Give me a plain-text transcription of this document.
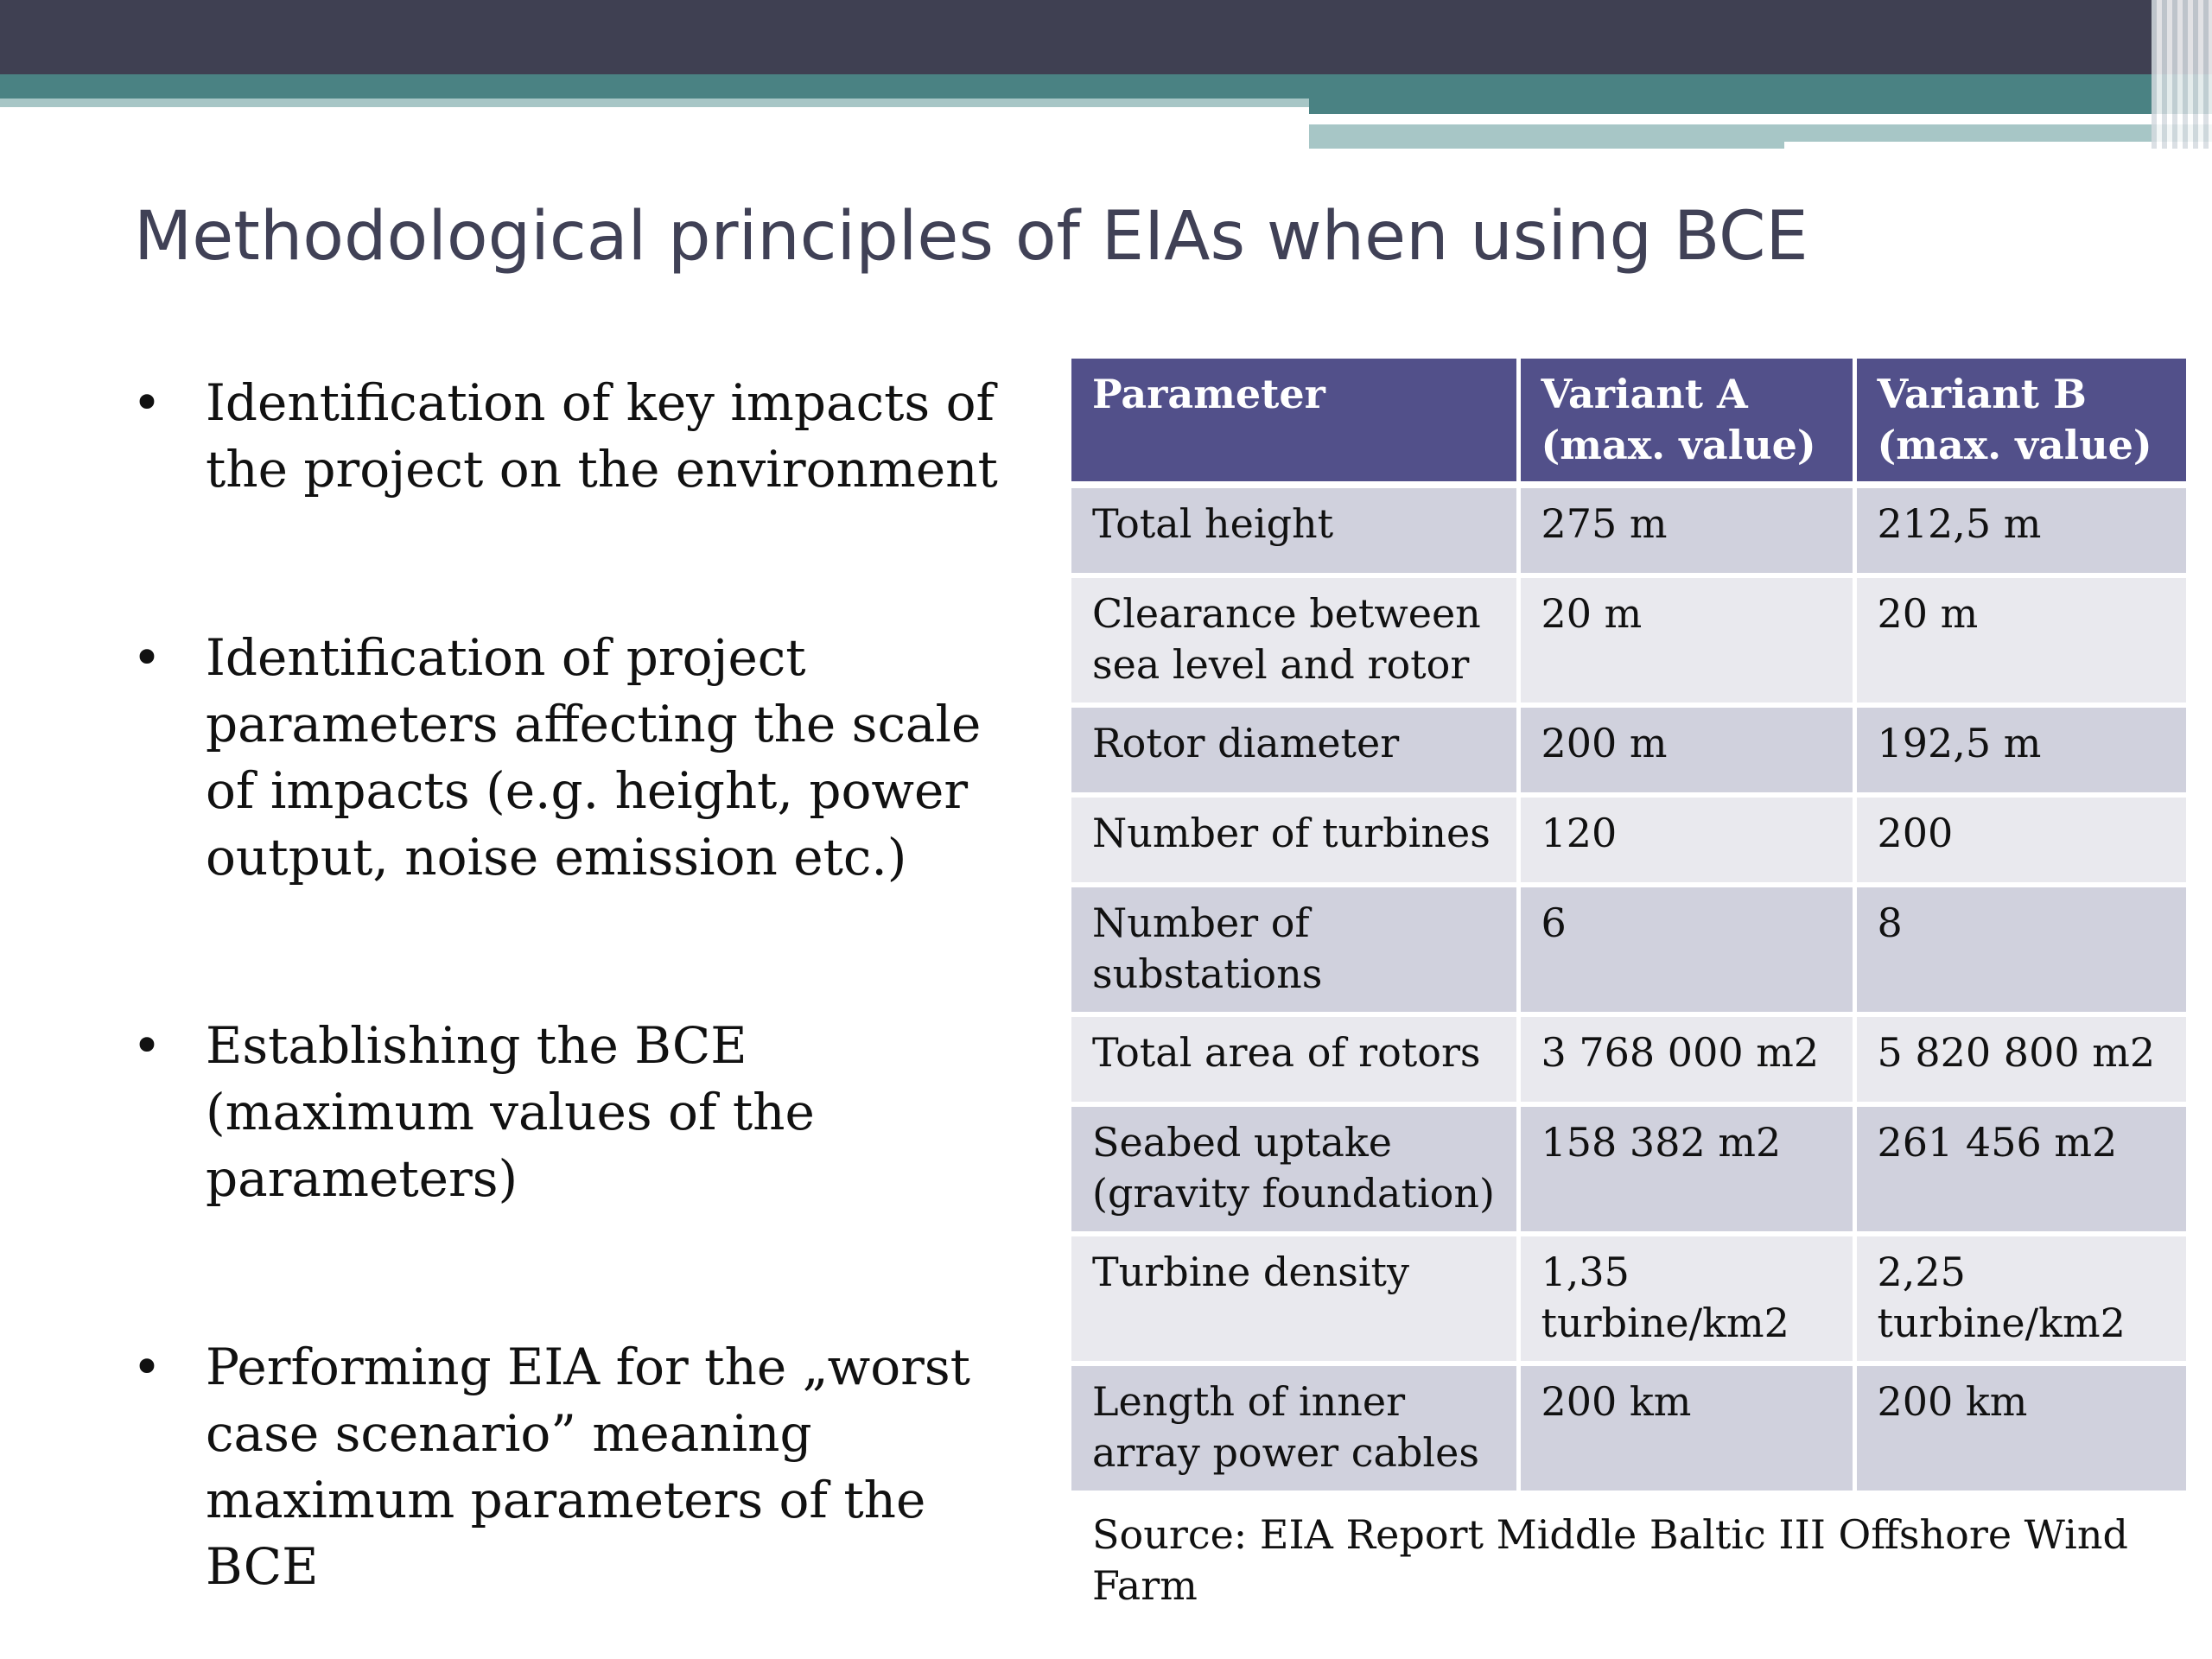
Methodological principles of EIAs when using BCE

• Identification of key impacts of the project on the environment

• Identification of project parameters affecting the scale of impacts (e.g. height, power output, noise emission etc.)

• Establishing the BCE (maximum values of the parameters)

• Performing EIA for the „worst case scenario” meaning maximum parameters of the BCE

Parameter	Variant A (max. value)	Variant B (max. value)
Total height	275 m	212,5 m
Clearance between sea level and rotor	20 m	20 m
Rotor diameter	200 m	192,5 m
Number of turbines	120	200
Number of substations	6	8
Total area of rotors	3 768 000 m2	5 820 800 m2
Seabed uptake (gravity foundation)	158 382 m2	261 456 m2
Turbine density	1,35 turbine/km2	2,25 turbine/km2
Length of inner array power cables	200 km	200 km
Source: EIA Report Middle Baltic III Offshore Wind Farm
